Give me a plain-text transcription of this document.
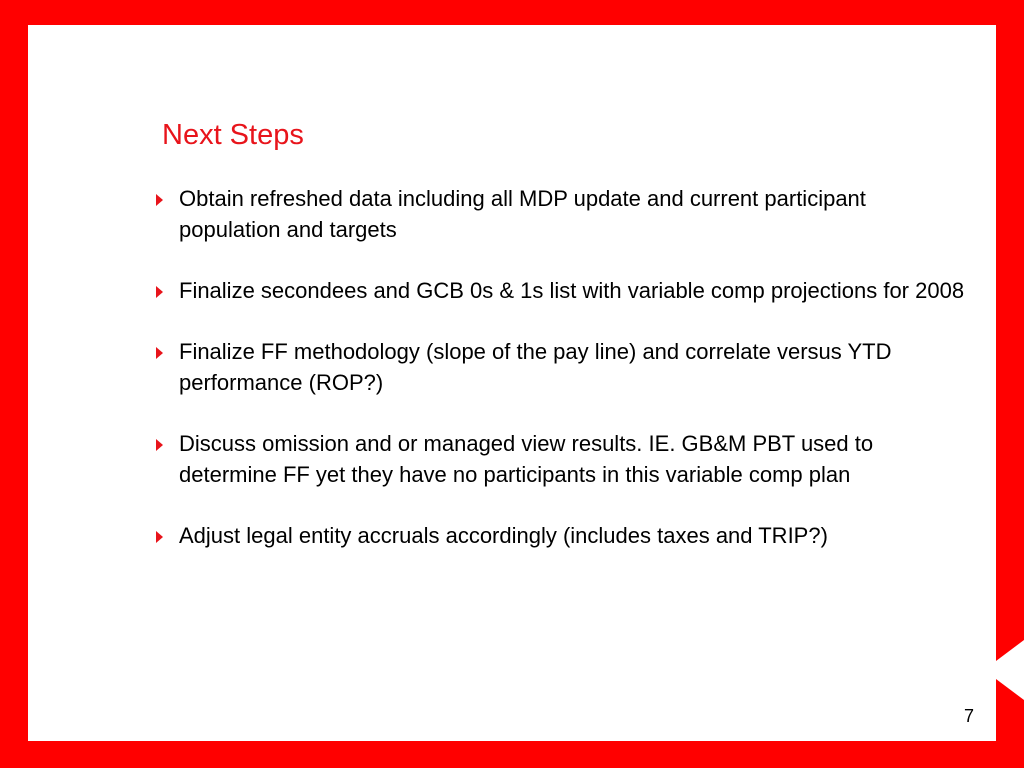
Next Steps
Obtain refreshed data including all MDP update and current participant population and targets
Finalize secondees and GCB 0s & 1s list with variable comp projections for 2008
Finalize FF methodology (slope of the pay line) and correlate versus YTD performance (ROP?)
Discuss omission and or managed view results. IE. GB&M PBT used to determine FF yet they have no participants in this variable comp plan
Adjust legal entity accruals accordingly (includes taxes and TRIP?)
7
